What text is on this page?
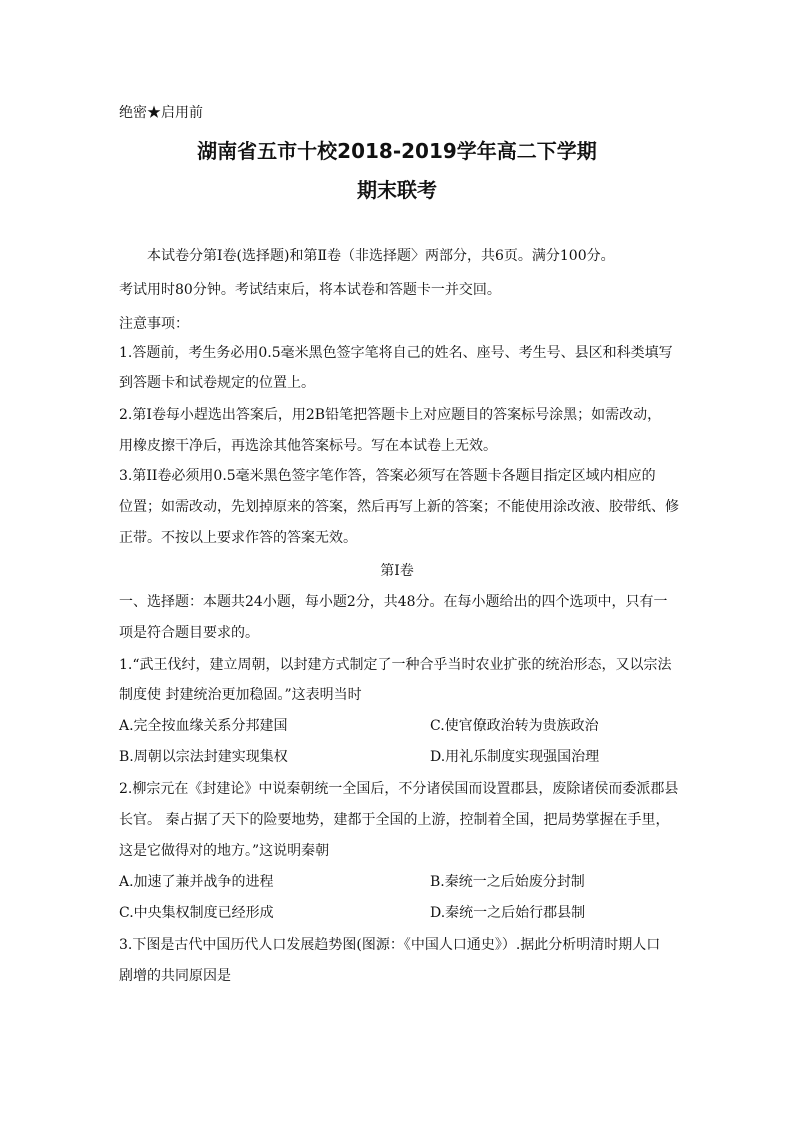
绝密★启用前
湖南省五市十校2018-2019学年高二下学期
期末联考
本试卷分第Ⅰ卷(选择题)和第Ⅱ卷（非选择题〉两部分，共6页。满分100分。
考试用时80分钟。考试结束后，将本试卷和答题卡一并交回。
注意事项：
1.答题前，考生务必用0.5毫米黑色签字笔将自己的姓名、座号、考生号、县区和科类填写
到答题卡和试卷规定的位置上。
2.第Ⅰ卷每小趕选出答案后，用2B铅笔把答题卡上对应题目的答案标号涂黑；如需改动，
用橡皮擦干净后，再选涂其他答案标号。写在本试卷上无效。
3.第II卷必须用0.5毫米黑色签字笔作答，答案必须写在答题卡各题目指定区域内相应的
位置；如需改动，先划掉原来的答案，然后再写上新的答案；不能使用涂改液、胶带纸、修
正带。不按以上要求作答的答案无效。
第Ⅰ卷
一、选择题：本题共24小题，每小题2分，共48分。在每小题给出的四个选项中，只有一
项是符合题目要求的。
1.“武王伐纣，建立周朝，以封建方式制定了一种合乎当时农业扩张的统治形态，又以宗法
制度使 封建统治更加稳固。”这表明当时
A.完全按血缘关系分邦建国	C.使官僚政治转为贵族政治
B.周朝以宗法封建实现集权	D.用礼乐制度实现强国治理
2.柳宗元在《封建论》中说秦朝统一全国后，不分诸侯国而设置郡县，废除诸侯而委派郡县
长官。 秦占据了天下的险要地势，建都于全国的上游，控制着全国，把局势掌握在手里，
这是它做得对的地方。”这说明秦朝
A.加速了兼并战争的进程	B.秦统一之后始废分封制
C.中央集权制度已经形成	D.秦统一之后始行郡县制
3.下图是古代中国历代人口发展趋势图(图源：《中国人口通史》）.据此分析明清时期人口
剧增的共同原因是
